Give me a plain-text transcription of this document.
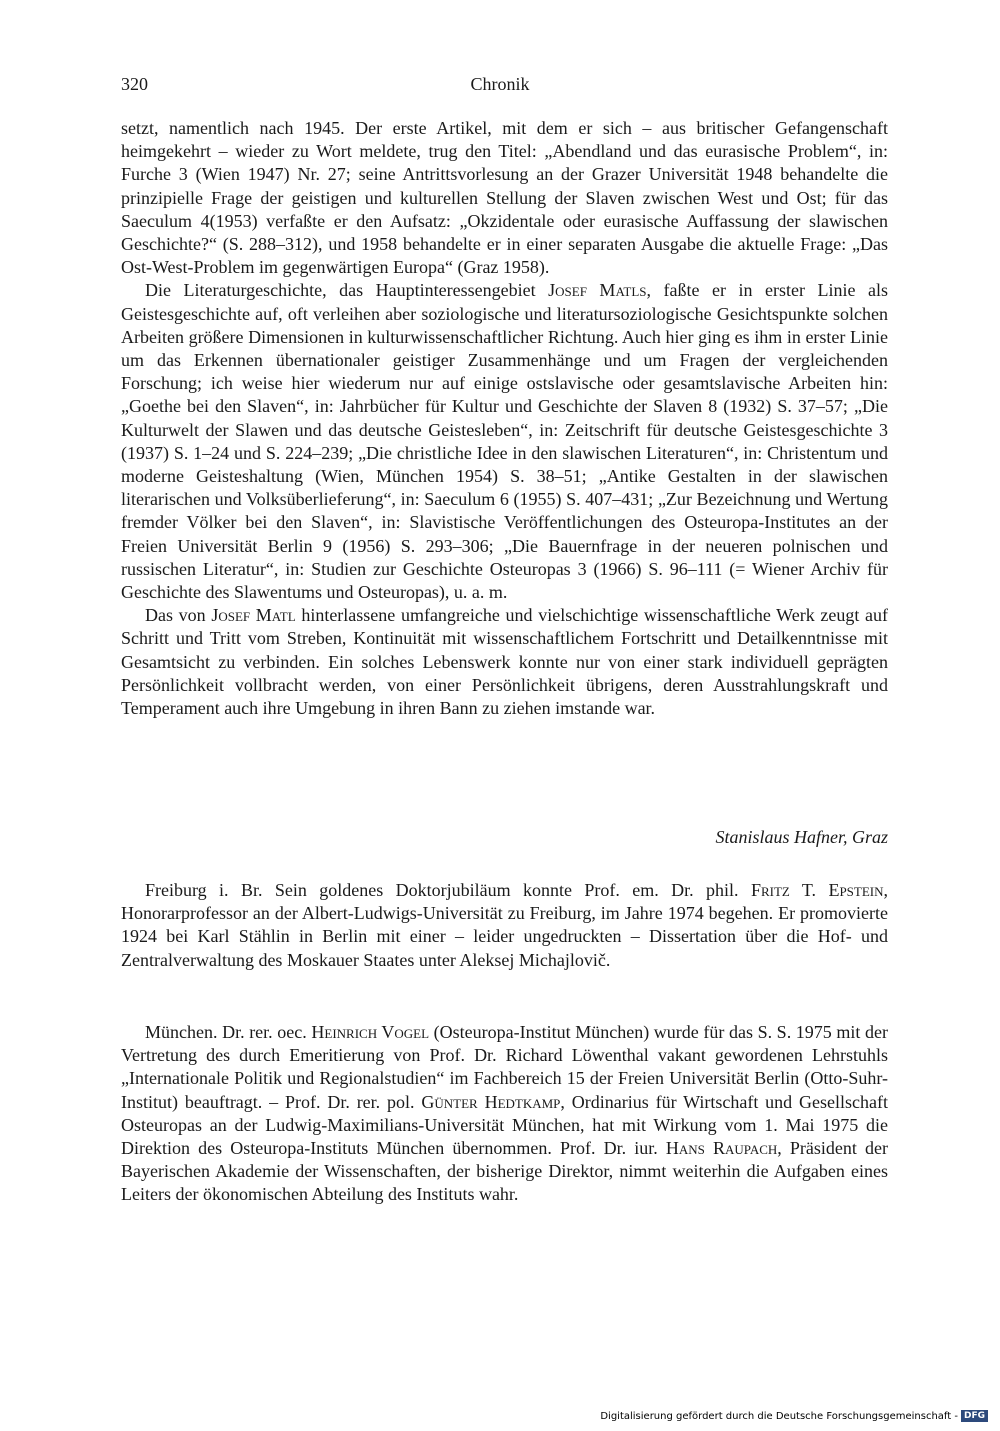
320	Chronik

setzt, namentlich nach 1945. Der erste Artikel, mit dem er sich – aus britischer Gefangenschaft heimgekehrt – wieder zu Wort meldete, trug den Titel: „Abendland und das eurasische Problem“, in: Furche 3 (Wien 1947) Nr. 27; seine Antrittsvorlesung an der Grazer Universität 1948 behandelte die prinzipielle Frage der geistigen und kulturellen Stellung der Slaven zwischen West und Ost; für das Saeculum 4(1953) verfaßte er den Aufsatz: „Okzidentale oder eurasische Auffassung der slawischen Geschichte?“ (S. 288–312), und 1958 behandelte er in einer separaten Ausgabe die aktuelle Frage: „Das Ost-West-Problem im gegenwärtigen Europa“ (Graz 1958).

Die Literaturgeschichte, das Hauptinteressengebiet Josef Matls, faßte er in erster Linie als Geistesgeschichte auf, oft verleihen aber soziologische und literatursoziologische Gesichtspunkte solchen Arbeiten größere Dimensionen in kulturwissenschaftlicher Richtung. Auch hier ging es ihm in erster Linie um das Erkennen übernationaler geistiger Zusammenhänge und um Fragen der vergleichenden Forschung; ich weise hier wiederum nur auf einige ostslavische oder gesamtslavische Arbeiten hin: „Goethe bei den Slaven“, in: Jahrbücher für Kultur und Geschichte der Slaven 8 (1932) S. 37–57; „Die Kulturwelt der Slawen und das deutsche Geistesleben“, in: Zeitschrift für deutsche Geistesgeschichte 3 (1937) S. 1–24 und S. 224–239; „Die christliche Idee in den slawischen Literaturen“, in: Christentum und moderne Geisteshaltung (Wien, München 1954) S. 38–51; „Antike Gestalten in der slawischen literarischen und Volksüberlieferung“, in: Saeculum 6 (1955) S. 407–431; „Zur Bezeichnung und Wertung fremder Völker bei den Slaven“, in: Slavistische Veröffentlichungen des Osteuropa-Institutes an der Freien Universität Berlin 9 (1956) S. 293–306; „Die Bauernfrage in der neueren polnischen und russischen Literatur“, in: Studien zur Geschichte Osteuropas 3 (1966) S. 96–111 (= Wiener Archiv für Geschichte des Slawentums und Osteuropas), u. a. m.

Das von Josef Matl hinterlassene umfangreiche und vielschichtige wissenschaftliche Werk zeugt auf Schritt und Tritt vom Streben, Kontinuität mit wissenschaftlichem Fortschritt und Detailkenntnisse mit Gesamtsicht zu verbinden. Ein solches Lebenswerk konnte nur von einer stark individuell geprägten Persönlichkeit vollbracht werden, von einer Persönlichkeit übrigens, deren Ausstrahlungskraft und Temperament auch ihre Umgebung in ihren Bann zu ziehen imstande war.

Stanislaus Hafner, Graz

Freiburg i. Br. Sein goldenes Doktorjubiläum konnte Prof. em. Dr. phil. Fritz T. Epstein, Honorarprofessor an der Albert-Ludwigs-Universität zu Freiburg, im Jahre 1974 begehen. Er promovierte 1924 bei Karl Stählin in Berlin mit einer – leider ungedruckten – Dissertation über die Hof- und Zentralverwaltung des Moskauer Staates unter Aleksej Michajlovič.

München. Dr. rer. oec. Heinrich Vogel (Osteuropa-Institut München) wurde für das S. S. 1975 mit der Vertretung des durch Emeritierung von Prof. Dr. Richard Löwenthal vakant gewordenen Lehrstuhls „Internationale Politik und Regionalstudien“ im Fachbereich 15 der Freien Universität Berlin (Otto-Suhr-Institut) beauftragt. – Prof. Dr. rer. pol. Günter Hedtkamp, Ordinarius für Wirtschaft und Gesellschaft Osteuropas an der Ludwig-Maximilians-Universität München, hat mit Wirkung vom 1. Mai 1975 die Direktion des Osteuropa-Instituts München übernommen. Prof. Dr. iur. Hans Raupach, Präsident der Bayerischen Akademie der Wissenschaften, der bisherige Direktor, nimmt weiterhin die Aufgaben eines Leiters der ökonomischen Abteilung des Instituts wahr.

Digitalisierung gefördert durch die Deutsche Forschungsgemeinschaft - DFG
